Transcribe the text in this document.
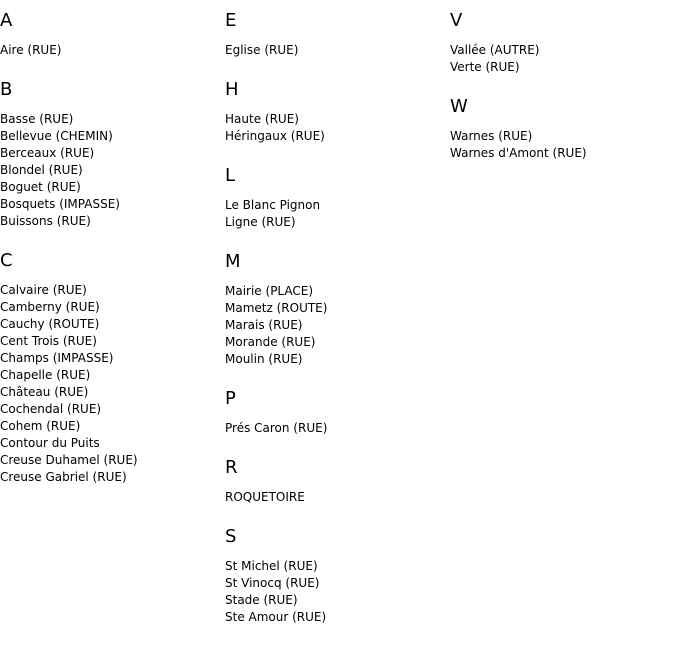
A
Aire (RUE)
B
Basse (RUE)
Bellevue (CHEMIN)
Berceaux (RUE)
Blondel (RUE)
Boguet (RUE)
Bosquets (IMPASSE)
Buissons (RUE)
C
Calvaire (RUE)
Camberny (RUE)
Cauchy (ROUTE)
Cent Trois (RUE)
Champs (IMPASSE)
Chapelle (RUE)
Château (RUE)
Cochendal (RUE)
Cohem (RUE)
Contour du Puits
Creuse Duhamel (RUE)
Creuse Gabriel (RUE)
E
Eglise (RUE)
H
Haute (RUE)
Héringaux (RUE)
L
Le Blanc Pignon
Ligne (RUE)
M
Mairie (PLACE)
Mametz (ROUTE)
Marais (RUE)
Morande (RUE)
Moulin (RUE)
P
Prés Caron (RUE)
R
ROQUETOIRE
S
St Michel (RUE)
St Vinocq (RUE)
Stade (RUE)
Ste Amour (RUE)
V
Vallée (AUTRE)
Verte (RUE)
W
Warnes (RUE)
Warnes d'Amont (RUE)
